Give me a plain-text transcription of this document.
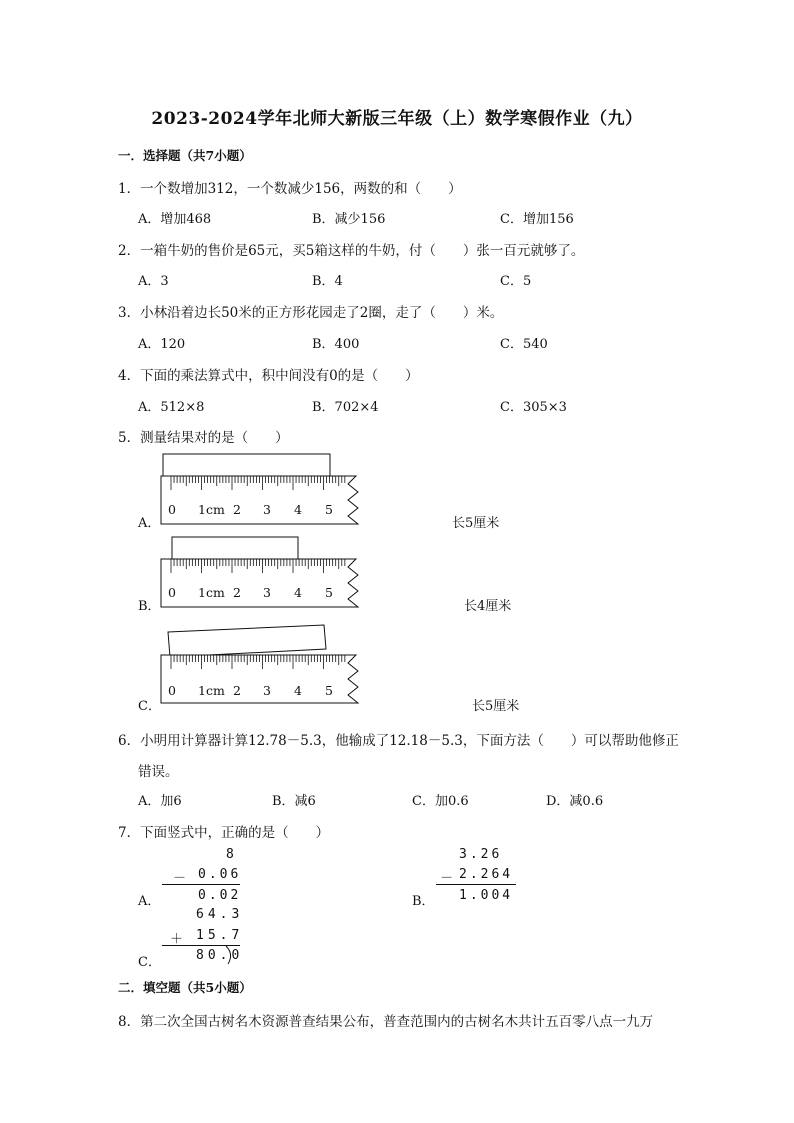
2023-2024学年北师大新版三年级（上）数学寒假作业（九）
一．选择题（共7小题）
1．一个数增加312，一个数减少156，两数的和（　　）
A．增加468	B．减少156	C．增加156
2．一箱牛奶的售价是65元，买5箱这样的牛奶，付（　　）张一百元就够了。
A．3	B．4	C．5
3．小林沿着边长50米的正方形花园走了2圈，走了（　　）米。
A．120	B．400	C．540
4．下面的乘法算式中，积中间没有0的是（　　）
A．512×8	B．702×4	C．305×3
5．测量结果对的是（　　）
0 1cm 2 3 4 5
A．	长5厘米
0 1cm 2 3 4 5
B．	长4厘米
0 1cm 2 3 4 5
C．	长5厘米
6．小明用计算器计算12.78－5.3，他输成了12.18－5.3，下面方法（　　）可以帮助他修正
错误。
A．加6	B．减6	C．加0.6	D．减0.6
7．下面竖式中，正确的是（　　）
8
－ 0.06
0.02
A．
3.26
－ 2.264
1.004
B．
64.3
＋ 15.7
80.0
C．
二．填空题（共5小题）
8．第二次全国古树名木资源普查结果公布，普查范围内的古树名木共计五百零八点一九万
